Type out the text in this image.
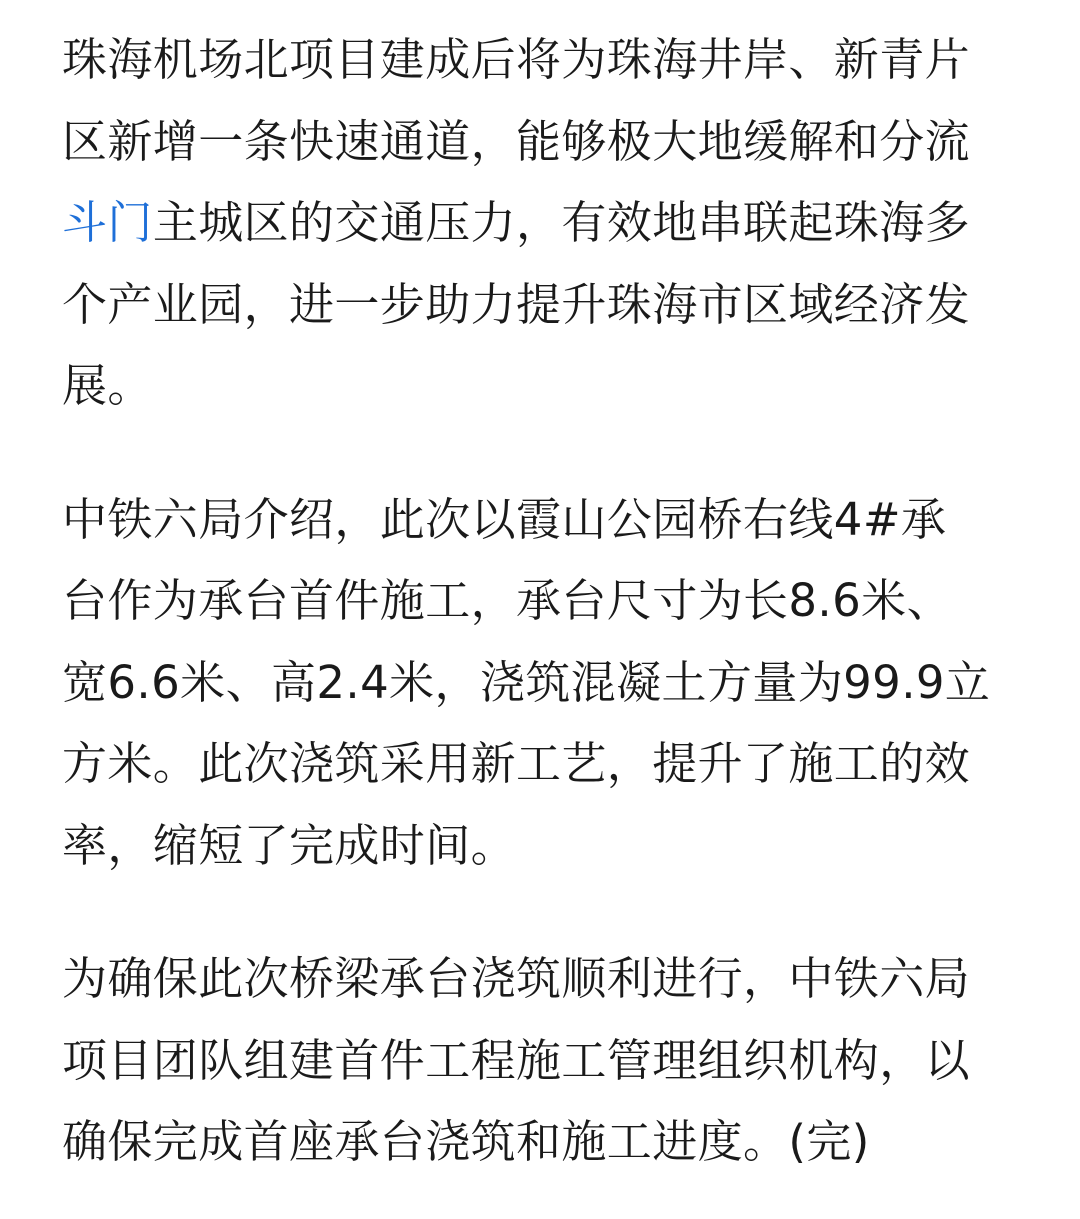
珠海机场北项目建成后将为珠海井岸、新青片
区新增一条快速通道，能够极大地缓解和分流
斗门主城区的交通压力，有效地串联起珠海多
个产业园，进一步助力提升珠海市区域经济发
展。

中铁六局介绍，此次以霞山公园桥右线4#承
台作为承台首件施工，承台尺寸为长8.6米、
宽6.6米、高2.4米，浇筑混凝土方量为99.9立
方米。此次浇筑采用新工艺，提升了施工的效
率，缩短了完成时间。

为确保此次桥梁承台浇筑顺利进行，中铁六局
项目团队组建首件工程施工管理组织机构，以
确保完成首座承台浇筑和施工进度。(完)
